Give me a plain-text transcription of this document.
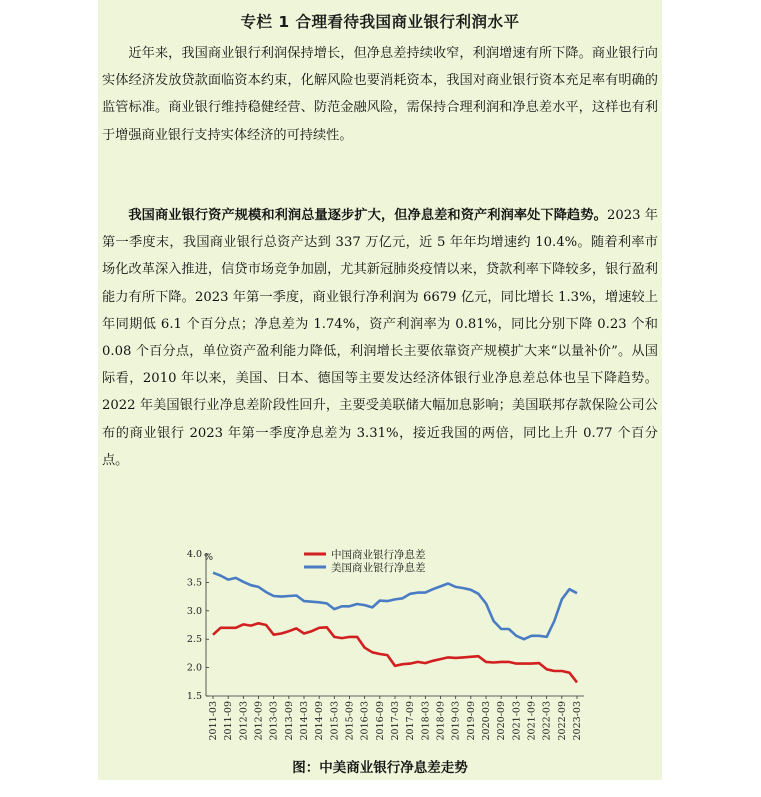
专栏 1 合理看待我国商业银行利润水平

近年来，我国商业银行利润保持增长，但净息差持续收窄，利润增速有所下降。商业银行向实体经济发放贷款面临资本约束，化解风险也要消耗资本，我国对商业银行资本充足率有明确的监管标准。商业银行维持稳健经营、防范金融风险，需保持合理利润和净息差水平，这样也有利于增强商业银行支持实体经济的可持续性。

我国商业银行资产规模和利润总量逐步扩大，但净息差和资产利润率处下降趋势。2023 年第一季度末，我国商业银行总资产达到 337 万亿元，近 5 年年均增速约 10.4%。随着利率市场化改革深入推进，信贷市场竞争加剧，尤其新冠肺炎疫情以来，贷款利率下降较多，银行盈利能力有所下降。2023 年第一季度，商业银行净利润为 6679 亿元，同比增长 1.3%，增速较上年同期低 6.1 个百分点；净息差为 1.74%，资产利润率为 0.81%，同比分别下降 0.23 个和 0.08 个百分点，单位资产盈利能力降低，利润增长主要依靠资产规模扩大来“以量补价”。从国际看，2010 年以来，美国、日本、德国等主要发达经济体银行业净息差总体也呈下降趋势。2022 年美国银行业净息差阶段性回升，主要受美联储大幅加息影响；美国联邦存款保险公司公布的商业银行 2023 年第一季度净息差为 3.31%，接近我国的两倍，同比上升 0.77 个百分点。

中国商业银行净息差
美国商业银行净息差
%
4.0
3.5
3.0
2.5
2.0
1.5
2011-03 2011-09 2012-03 2012-09 2013-03 2013-09 2014-03 2014-09 2015-03 2015-09 2016-03 2016-09 2017-03 2017-09 2018-03 2018-09 2019-03 2019-09 2020-03 2020-09 2021-03 2021-09 2022-03 2022-09 2023-03
图：中美商业银行净息差走势
